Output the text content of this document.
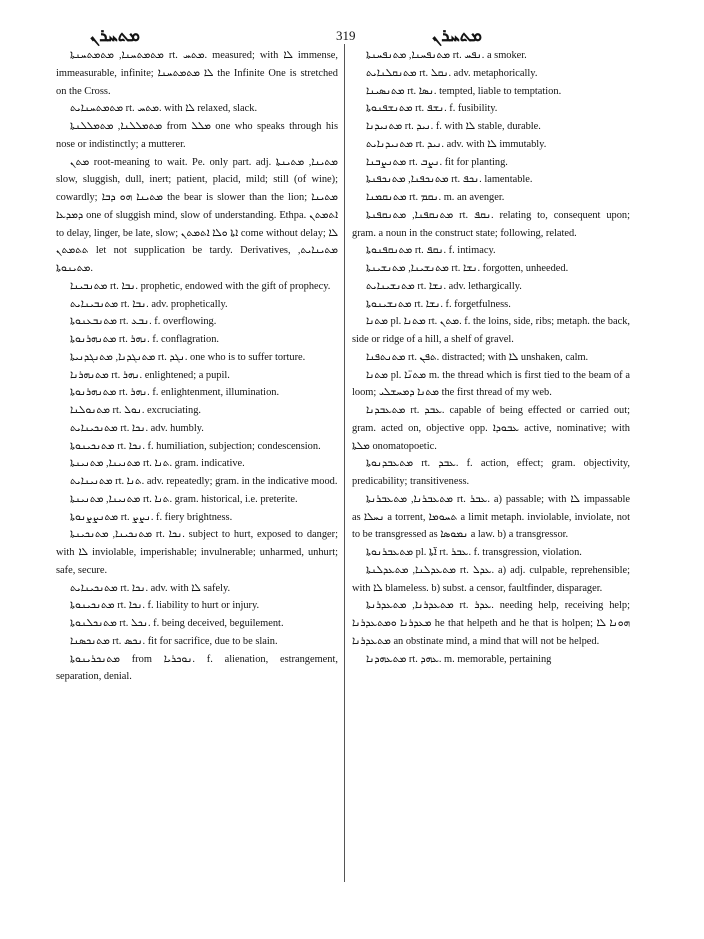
ܡܬܚܪܢ	319	ܡܬܚܪܢ

ܡܬܡܬܚܢܐ, ܡܬܡܬܚܢܬܐ rt. ܡܬܚ. measured; with ܠܐ immense, immeasurable, infinite; ܠܐ ܡܬܡܬܚܢܐ the Infinite One is stretched on the Cross.

ܡܬܡܬܚܢܐܝܬ rt. ܡܬܚ. with ܠܐ relaxed, slack.

ܡܬܡܠܠܢܐ, ܡܬܡܠܠܢܬܐ from ܡܠܠ one who speaks through his nose or indistinctly; a mutterer.

ܡܬܢ root-meaning to wait. Pe. only part. adj. ܡܬܝܢܐ, ܡܬܝܢܬܐ slow, sluggish, dull, inert; patient, placid, mild; still (of wine); cowardly; ܡܬܝܢܐ ܗܘ ܕܒܐ the bear is slower than the lion; ܡܬܝܢܐ ܕܡܕܥܐ one of sluggish mind, slow of understanding. Ethpa. ܐܬܡܬܢ to delay, linger, be late, slow; ܐܬܐ ܘܠܐ ܐܬܡܬܢ come without delay; ܠܐ ܬܬܡܬܢ let not supplication be tardy. Derivatives, ܡܬܝܢܐܝܬ, ܡܬܝܢܘܬܐ.

ܡܬܢܒܝܢܐ rt. ܢܒܐ. prophetic, endowed with the gift of prophecy.

ܡܬܢܒܝܢܐܝܬ rt. ܢܒܐ. adv. prophetically.

ܡܬܢܒܥܢܘܬܐ rt. ܢܒܥ. f. overflowing.

ܡܬܢܗܪܢܘܬܐ rt. ܢܗܪ. f. conflagration.

ܡܬܢܓܕܢܐ, ܡܬܢܓܕܢܝܬܐ rt. ܢܓܕ. one who is to suffer torture.

ܡܬܢܗܪܢܐ rt. ܢܗܪ. enlightened; a pupil.

ܡܬܢܗܪܢܘܬܐ rt. ܢܗܪ. f. enlightenment, illumination.

ܡܬܢܘܠܢܐ rt. ܢܘܠ. excruciating.

ܡܬܢܟܝܢܐܝܬ rt. ܢܟܐ. adv. humbly.

ܡܬܢܟܝܢܘܬܐ rt. ܢܟܐ. f. humiliation, subjection; condescension.

ܡܬܢܝܢܐ, ܡܬܢܝܢܬܐ rt. ܬܢܐ. gram. indicative.

ܡܬܢܝܢܐܝܬ rt. ܬܢܐ. adv. repeatedly; gram. in the indicative mood.

ܡܬܢܝܢܐ, ܡܬܢܝܢܬܐ rt. ܬܢܐ. gram. historical, i.e. preterite.

ܡܬܢܨܨܢܘܬܐ rt. ܢܨܨ. f. fiery brightness.

ܡܬܢܟܝܢܐ, ܡܬܢܟܝܢܬܐ rt. ܢܟܐ. subject to hurt, exposed to danger; with ܠܐ inviolable, imperishable; invulnerable; unharmed, unhurt; safe, secure.

ܡܬܢܟܝܢܐܝܬ rt. ܢܟܐ. adv. with ܠܐ safely.

ܡܬܢܟܝܢܘܬܐ rt. ܢܟܐ. f. liability to hurt or injury.

ܡܬܢܟܠܢܘܬܐ rt. ܢܟܠ. f. being deceived, beguilement.

ܡܬܢܟܣܢܐ rt. ܢܟܣ. fit for sacrifice, due to be slain.

ܡܬܢܟܪܝܢܘܬܐ from ܢܘܟܪܝܐ. f. alienation, estrangement, separation, denial.

ܡܬܢܦܚܢܐ, ܡܬܢܦܚܢܬܐ rt. ܢܦܚ. a smoker.

ܡܬܢܩܠܢܐܝܬ rt. ܢܩܠ. adv. metaphorically.

ܡܬܢܣܝܢܐ rt. ܢܣܐ. tempted, liable to temptation.

ܡܬܢܫܦܢܘܬܐ rt. ܢܫܦ. f. fusibility.

ܡܬܢܝܕܢܐ rt. ܢܝܕ. f. with ܠܐ stable, durable.

ܡܬܢܝܕܢܐܝܬ rt. ܢܝܕ. adv. with ܠܐ immutably.

ܡܬܢܨܒܢܐ rt. ܢܨܒ. fit for planting.

ܡܬܢܟܦܢܐ, ܡܬܢܟܦܢܬܐ rt. ܢܟܦ. lamentable.

ܡܬܢܩܡܢܐ rt. ܢܩܡ. m. an avenger.

ܡܬܢܩܦܢܐ, ܡܬܢܩܦܢܬܐ rt. ܢܩܦ. relating to, consequent upon; gram. a noun in the construct state; following, related.

ܡܬܢܩܦܢܘܬܐ rt. ܢܩܦ. f. intimacy.

ܡܬܢܫܝܢܐ, ܡܬܢܫܝܢܬܐ rt. ܢܫܐ. forgotten, unheeded.

ܡܬܢܫܝܢܐܝܬ rt. ܢܫܐ. adv. lethargically.

ܡܬܢܫܝܢܘܬܐ rt. ܢܫܐ. f. forgetfulness.

ܡܬܢܐ pl. ܡܬܢܐ rt. ܡܬܢ. f. the loins, side, ribs; metaph. the back, side or ridge of a hill, a shelf of gravel.

ܡܬܢܬܦܢܐ rt. ܬܦܢ. distracted; with ܠܐ unshaken, calm.

ܡܬܢܐ pl. ܡܬܢ̈ܐ m. the thread which is first tied to the beam of a loom; ܡܬܢܐ ܕܡܚܫܠܝ the first thread of my web.

ܡܬܥܒܕܢܐ rt. ܥܒܕ. capable of being effected or carried out; gram. acted on, objective opp. ܥܒܘܕܐ active, nominative; with ܡܠܬܐ onomatopoetic.

ܡܬܥܒܕܢܘܬܐ rt. ܥܒܕ. f. action, effect; gram. objectivity, predicability; transitiveness.

ܡܬܥܒܪܢܐ, ܡܬܥܒܪܢܬܐ rt. ܥܒܪ. a) passable; with ܠܐ impassable as ܢܚܠܐ a torrent, ܬܚܘܡܐ a limit metaph. inviolable, inviolate, not to be transgressed as ܢܡܘܣܐ a law. b) a transgressor.

ܡܬܥܒܪܢܘܬܐ pl. ܐ̈ܬܐ rt. ܥܒܪ. f. transgression, violation.

ܡܬܥܕܠܢܐ, ܡܬܥܕܠܢܬܐ rt. ܥܕܠ. a) adj. culpable, reprehensible; with ܠܐ blameless. b) subst. a censor, faultfinder, disparager.

ܡܬܥܕܪܢܐ, ܡܬܥܕܪܢܬܐ rt. ܥܕܪ. needing help, receiving help; ܡܥܕܪܢܐ ܘܡܬܥܕܪܢܐ he that helpeth and he that is holpen; ܗܘܢܐ ܠܐ ܡܬܥܕܪܢܐ an obstinate mind, a mind that will not be helped.

ܡܬܥܗܕܢܐ rt. ܥܗܕ. m. memorable, pertaining
